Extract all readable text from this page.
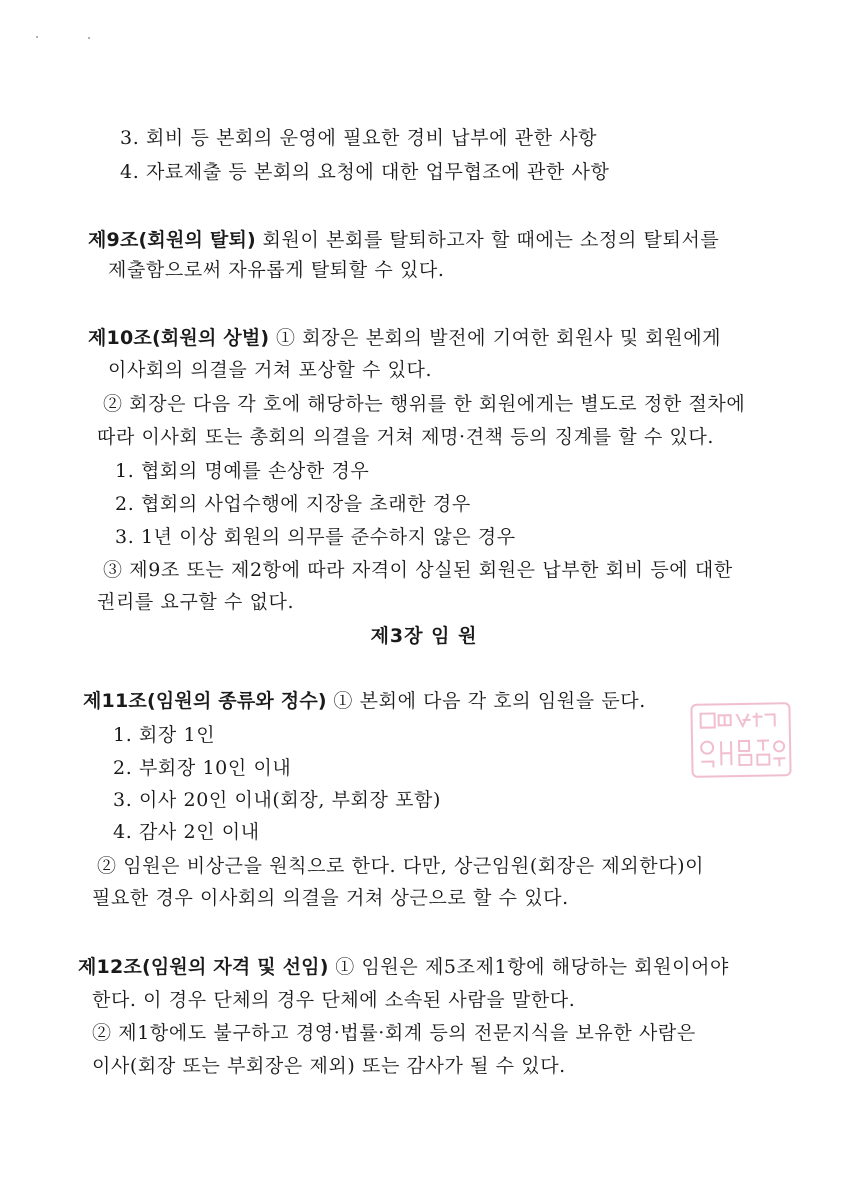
3. 회비 등 본회의 운영에 필요한 경비 납부에 관한 사항
4. 자료제출 등 본회의 요청에 대한 업무협조에 관한 사항
제9조(회원의 탈퇴) 회원이 본회를 탈퇴하고자 할 때에는 소정의 탈퇴서를
제출함으로써 자유롭게 탈퇴할 수 있다.
제10조(회원의 상벌) ① 회장은 본회의 발전에 기여한 회원사 및 회원에게
이사회의 의결을 거쳐 포상할 수 있다.
② 회장은 다음 각 호에 해당하는 행위를 한 회원에게는 별도로 정한 절차에
따라 이사회 또는 총회의 의결을 거쳐 제명·견책 등의 징계를 할 수 있다.
1. 협회의 명예를 손상한 경우
2. 협회의 사업수행에 지장을 초래한 경우
3. 1년 이상 회원의 의무를 준수하지 않은 경우
③ 제9조 또는 제2항에 따라 자격이 상실된 회원은 납부한 회비 등에 대한
권리를 요구할 수 없다.
제3장 임 원
제11조(임원의 종류와 정수) ① 본회에 다음 각 호의 임원을 둔다.
1. 회장 1인
2. 부회장 10인 이내
3. 이사 20인 이내(회장, 부회장 포함)
4. 감사 2인 이내
② 임원은 비상근을 원칙으로 한다. 다만, 상근임원(회장은 제외한다)이
필요한 경우 이사회의 의결을 거쳐 상근으로 할 수 있다.
제12조(임원의 자격 및 선임) ① 임원은 제5조제1항에 해당하는 회원이어야
한다. 이 경우 단체의 경우 단체에 소속된 사람을 말한다.
② 제1항에도 불구하고 경영·법률·회계 등의 전문지식을 보유한 사람은
이사(회장 또는 부회장은 제외) 또는 감사가 될 수 있다.
